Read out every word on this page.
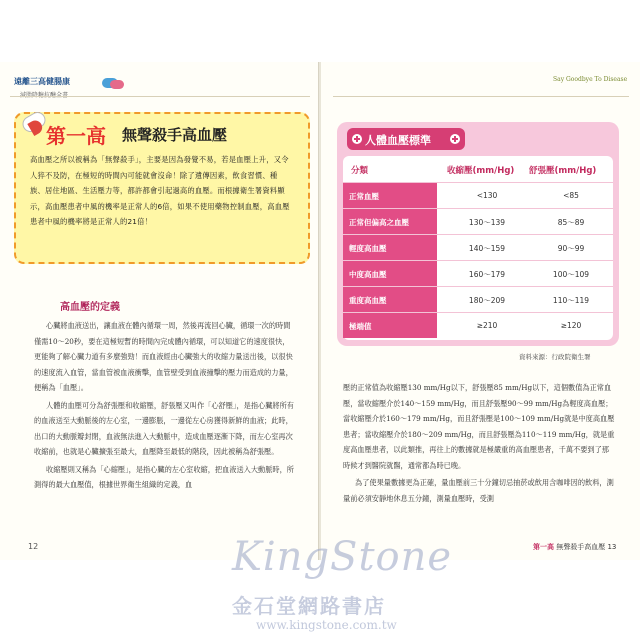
遠離三高健腸康
第一高 無聲殺手高血壓
高血壓之所以被稱為「無聲殺手」，主要是因為發覺不易，若是血壓上升，又令人猝不及防，在極短的時間內可能就會沒命！除了遺傳因素，飲食習慣、種族、居住地區、生活壓力等，都許都會引起過高的血壓。而根據衛生署資料顯示，高血壓患者中風的機率是正常人的6倍，如果不使用藥物控制血壓，高血壓患者中風的機率將是正常人的21倍！
高血壓的定義

心臟將血液送出，讓血液在體內循環一周，然後再流回心臟，循環一次的時間僅需10～20秒，要在這極短暫的時間內完成體內循環，可以知道它的速度很快，更能夠了解心臟力道有多麼強勁！而血液經由心臟強大的收縮力量送出後，以很快的速度流入血管，當血管被血液衝擊，血管壁受到血液撞擊的壓力而造成的力量，便稱為「血壓」。

人體的血壓可分為舒張壓和收縮壓，舒張壓又叫作「心舒壓」，是指心臟將所有的血液送至大動脈後的左心室，一邊膨脹，一邊從左心房獲得新鮮的血液；此時，出口的大動脈瓣封閉，血液無法進入大動脈中，造成血壓逐漸下降，而左心室再次收縮前，也就是心臟擴張至最大，血壓降至最低的階段，因此被稱為舒張壓。

收縮壓則又稱為「心縮壓」，是指心臟的左心室收縮，把血液送入大動脈時，所測得的最大血壓值，根據世界衛生組織的定義，血

12
Say Goodbye To Disease
人體血壓標準
分類	收縮壓(mm/Hg) 舒張壓(mm/Hg)
正常血壓	<130	<85
正常但偏高之血壓	130～139	85～89
輕度高血壓	140～159	90～99
中度高血壓	160～179	100～109
重度高血壓	180～209	110～119
極端值	≥210	≥120
資料來源：行政院衛生署

壓的正常值為收縮壓130 mm/Hg以下，舒張壓85 mm/Hg以下，這個數值為正常血壓，當收縮壓介於140～159 mm/Hg，而且舒張壓90～99 mm/Hg為輕度高血壓；當收縮壓介於160～179 mm/Hg，而且舒張壓是100～109 mm/Hg就是中度高血壓患者；當收縮壓介於180～209 mm/Hg，而且舒張壓為110～119 mm/Hg，就是重度高血壓患者，以此類推，再往上的數據就是極嚴重的高血壓患者，千萬不要到了那時候才到醫院就醫，通常都為時已晚。

為了使果量數據更為正確，量血壓前三十分鐘切忌抽菸或飲用含咖啡因的飲料，測量前必須安靜地休息五分鐘，測量血壓時，受測

第一高 無聲殺手高血壓 13
KingStone
金石堂網路書店
www.kingstone.com.tw
